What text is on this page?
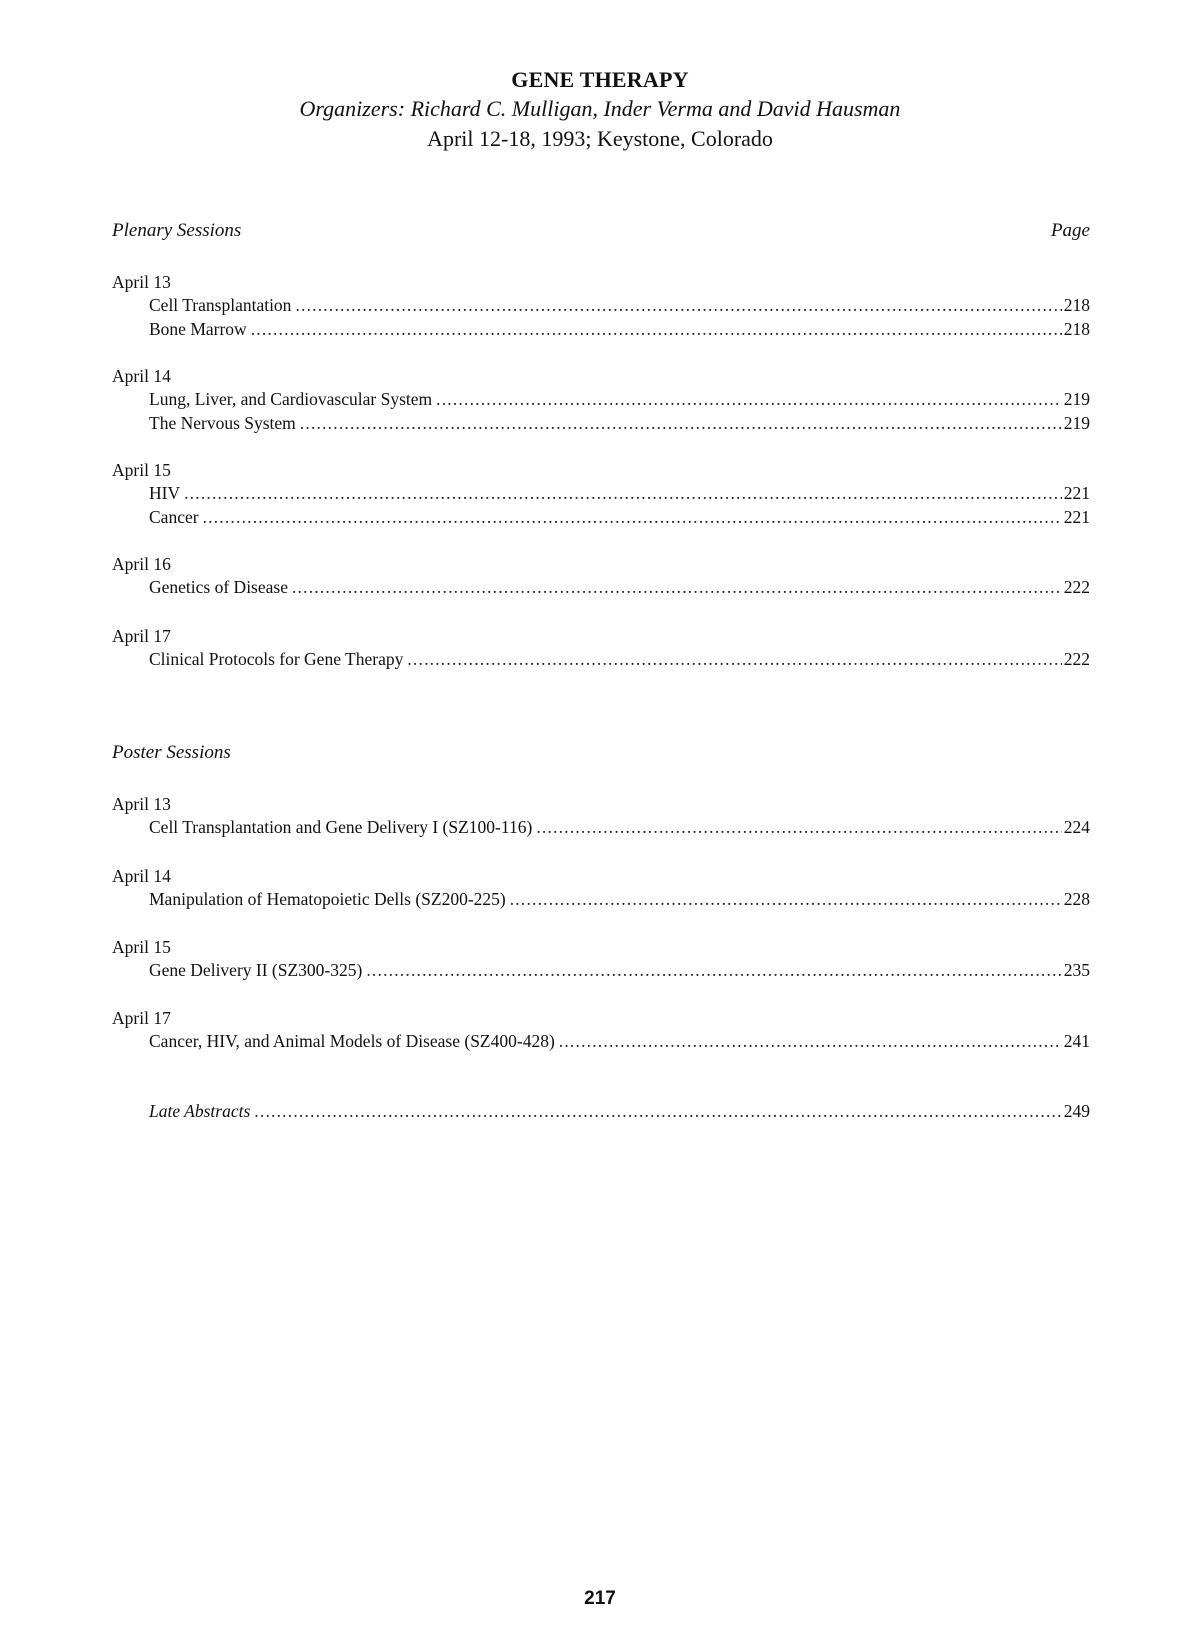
GENE THERAPY
Organizers: Richard C. Mulligan, Inder Verma and David Hausman
April 12-18, 1993; Keystone, Colorado
Plenary Sessions	Page
April 13
Cell Transplantation .....	218
Bone Marrow .....	218
April 14
Lung, Liver, and Cardiovascular System .....	219
The Nervous System .....	219
April 15
HIV .....	221
Cancer .....	221
April 16
Genetics of Disease .....	222
April 17
Clinical Protocols for Gene Therapy .....	222
Poster Sessions
April 13
Cell Transplantation and Gene Delivery I (SZ100-116) .....	224
April 14
Manipulation of Hematopoietic Dells (SZ200-225) .....	228
April 15
Gene Delivery II (SZ300-325) .....	235
April 17
Cancer, HIV, and Animal Models of Disease (SZ400-428) .....	241
Late Abstracts .....	249
217
